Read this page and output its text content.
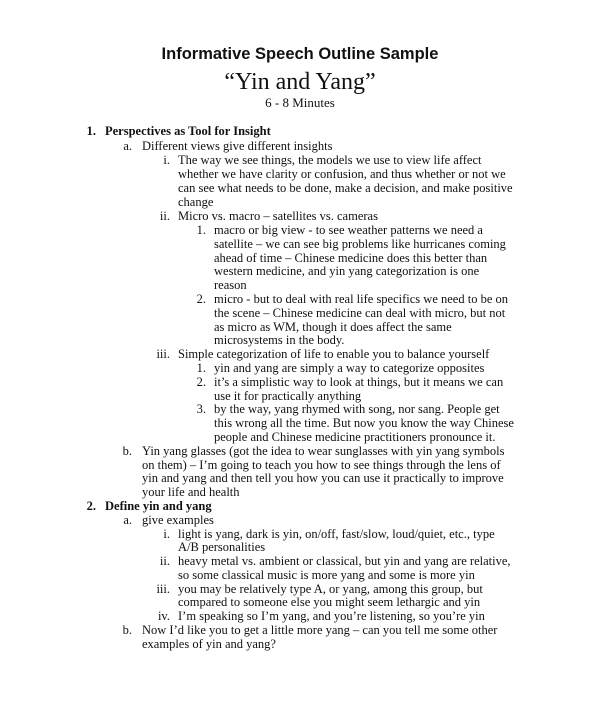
Informative Speech Outline Sample
“Yin and Yang”
6 - 8 Minutes
1.
a.
i.
ii.
1.
2.
iii.
1.
2.
3.
b.
2.
a.
i.
ii.
iii.
iv.
b.
Perspectives as Tool for Insight
Different views give different insights
The way we see things, the models we use to view life affect
whether we have clarity or confusion, and thus whether or not we
can see what needs to be done, make a decision, and make positive
change
Micro vs. macro – satellites vs. cameras
macro or big view - to see weather patterns we need a
satellite – we can see big problems like hurricanes coming
ahead of time – Chinese medicine does this better than
western medicine, and yin yang categorization is one
reason
micro - but to deal with real life specifics we need to be on
the scene – Chinese medicine can deal with micro, but not
as micro as WM, though it does affect the same
microsystems in the body.
Simple categorization of life to enable you to balance yourself
yin and yang are simply a way to categorize opposites
it’s a simplistic way to look at things, but it means we can
use it for practically anything
by the way, yang rhymed with song, nor sang. People get
this wrong all the time. But now you know the way Chinese
people and Chinese medicine practitioners pronounce it.
Yin yang glasses (got the idea to wear sunglasses with yin yang symbols
on them) – I’m going to teach you how to see things through the lens of
yin and yang and then tell you how you can use it practically to improve
your life and health
Define yin and yang
give examples
light is yang, dark is yin, on/off, fast/slow, loud/quiet, etc., type
A/B personalities
heavy metal vs. ambient or classical, but yin and yang are relative,
so some classical music is more yang and some is more yin
you may be relatively type A, or yang, among this group, but
compared to someone else you might seem lethargic and yin
I’m speaking so I’m yang, and you’re listening, so you’re yin
Now I’d like you to get a little more yang – can you tell me some other
examples of yin and yang?
